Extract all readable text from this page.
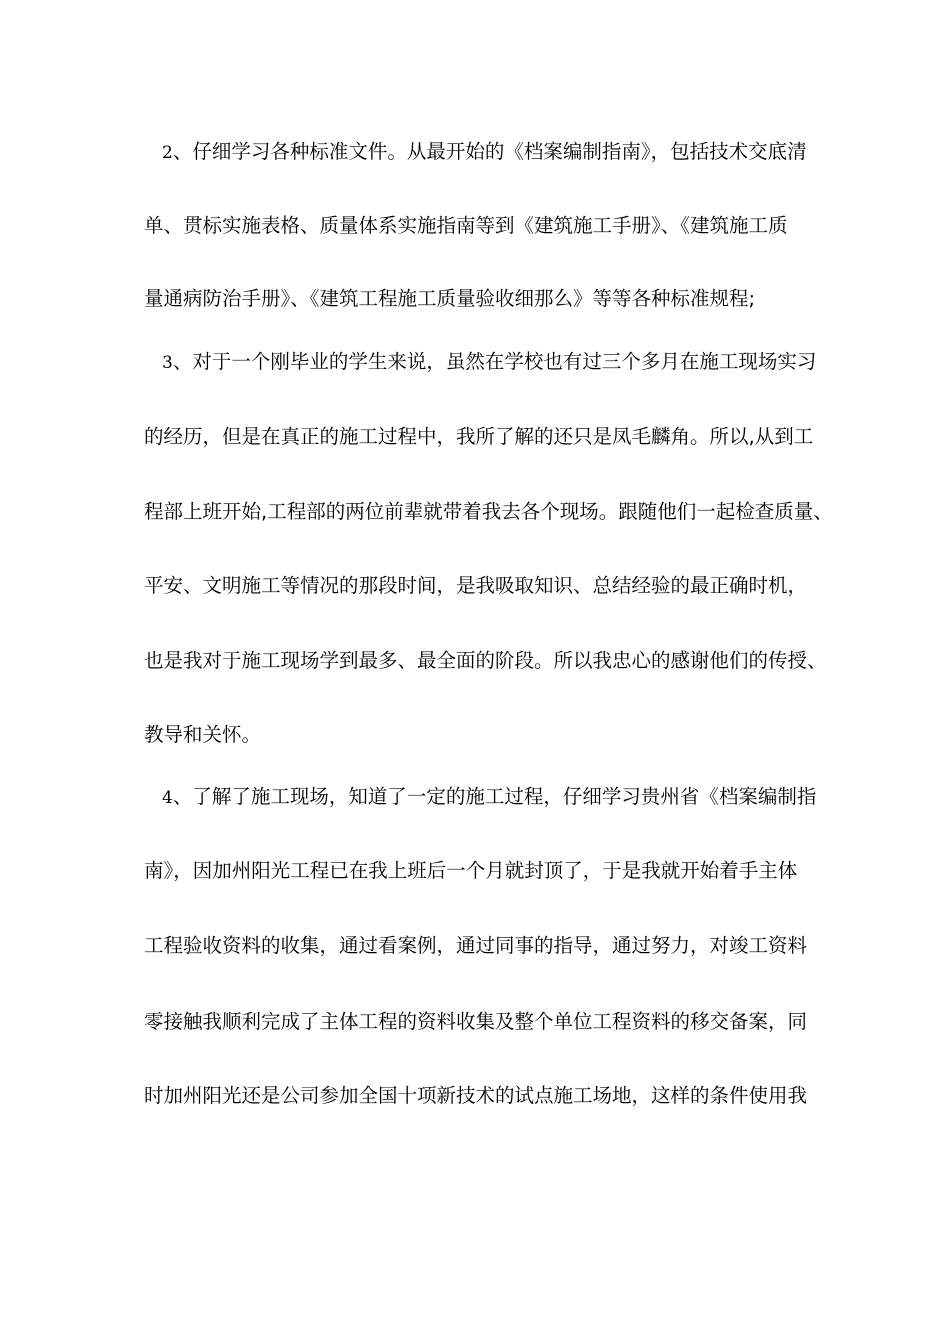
2、仔细学习各种标准文件。从最开始的《档案编制指南》，包括技术交底清
单、贯标实施表格、质量体系实施指南等到《建筑施工手册》、《建筑施工质
量通病防治手册》、《建筑工程施工质量验收细那么》等等各种标准规程;
3、对于一个刚毕业的学生来说，虽然在学校也有过三个多月在施工现场实习
的经历，但是在真正的施工过程中，我所了解的还只是凤毛麟角。所以,从到工
程部上班开始,工程部的两位前辈就带着我去各个现场。跟随他们一起检查质量、
平安、文明施工等情况的那段时间，是我吸取知识、总结经验的最正确时机，
也是我对于施工现场学到最多、最全面的阶段。所以我忠心的感谢他们的传授、
教导和关怀。
4、了解了施工现场，知道了一定的施工过程，仔细学习贵州省《档案编制指
南》，因加州阳光工程已在我上班后一个月就封顶了，于是我就开始着手主体
工程验收资料的收集，通过看案例，通过同事的指导，通过努力，对竣工资料
零接触我顺利完成了主体工程的资料收集及整个单位工程资料的移交备案，同
时加州阳光还是公司参加全国十项新技术的试点施工场地，这样的条件使用我
